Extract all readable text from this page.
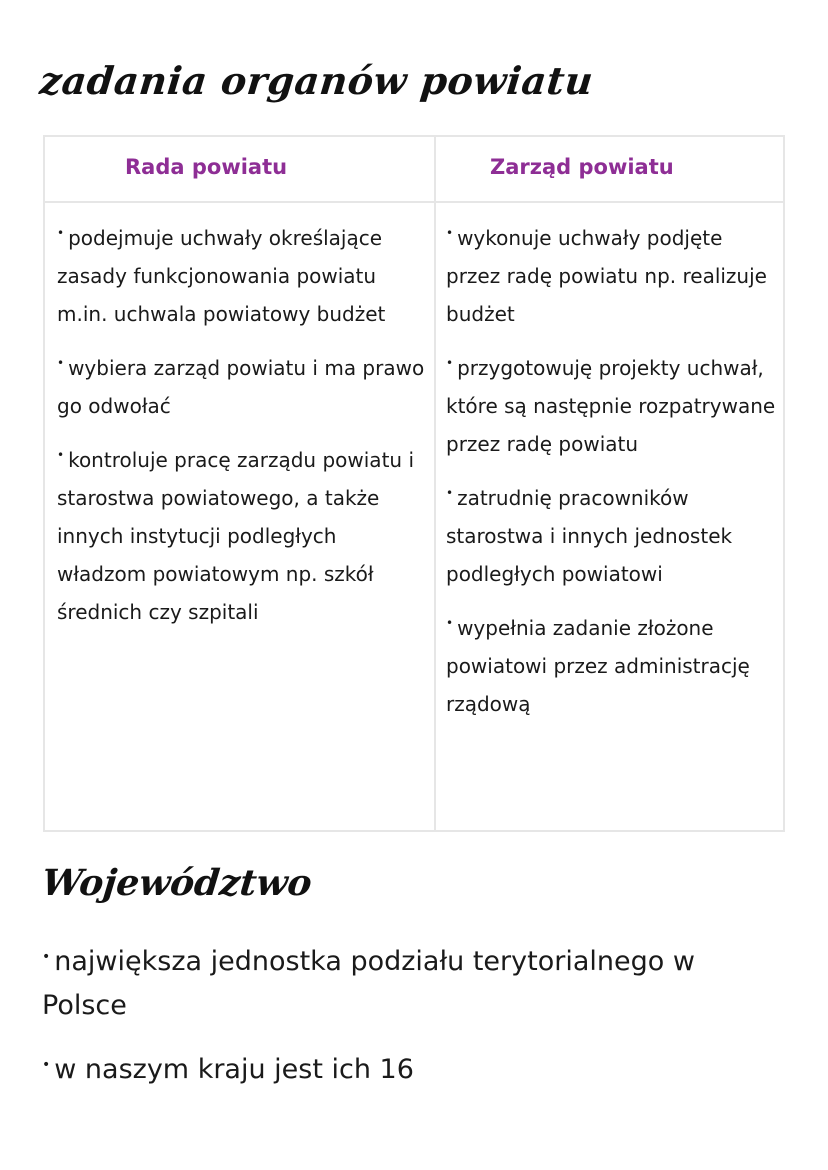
zadania organów powiatu
Rada powiatu	Zarząd powiatu

• podejmuje uchwały określające zasady funkcjonowania powiatu m.in. uchwala powiatowy budżet

• wybiera zarząd powiatu i ma prawo go odwołać

• kontroluje pracę zarządu powiatu i starostwa powiatowego, a także innych instytucji podległych władzom powiatowym np. szkół średnich czy szpitali

• wykonuje uchwały podjęte przez radę powiatu np. realizuje budżet

• przygotowuję projekty uchwał, które są następnie rozpatrywane przez radę powiatu

• zatrudnię pracowników starostwa i innych jednostek podległych powiatowi

• wypełnia zadanie złożone powiatowi przez administrację rządową

Województwo

• największa jednostka podziału terytorialnego w Polsce

• w naszym kraju jest ich 16
